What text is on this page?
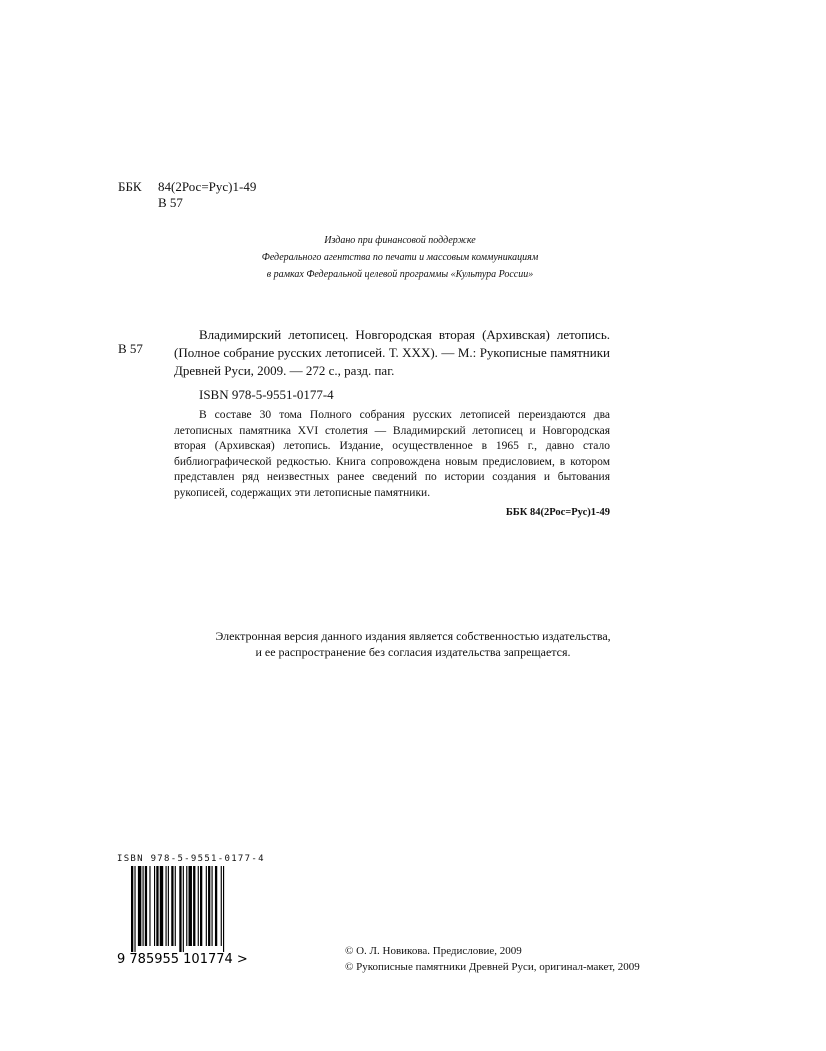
ББК	84(2Рос=Рус)1-49
В 57
Издано при финансовой поддержке
Федерального агентства по печати и массовым коммуникациям
в рамках Федеральной целевой программы «Культура России»
В 57

Владимирский летописец. Новгородская вторая (Архивская) летопись. (Полное собрание русских летописей. Т. XXX). — М.: Рукописные памятники Древней Руси, 2009. — 272 с., разд. паг.

ISBN 978-5-9551-0177-4

В составе 30 тома Полного собрания русских летописей переиздаются два летописных памятника XVI столетия — Владимирский летописец и Новгородская вторая (Архивская) летопись. Издание, осуществленное в 1965 г., давно стало библиографической редкостью. Книга сопровождена новым предисловием, в котором представлен ряд неизвестных ранее сведений по истории создания и бытования рукописей, содержащих эти летописные памятники.

ББК 84(2Рос=Рус)1-49
Электронная версия данного издания является собственностью издательства,
и ее распространение без согласия издательства запрещается.
ISBN 978-5-9551-0177-4
9 785955 101774 >
© О. Л. Новикова. Предисловие, 2009
© Рукописные памятники Древней Руси, оригинал-макет, 2009
